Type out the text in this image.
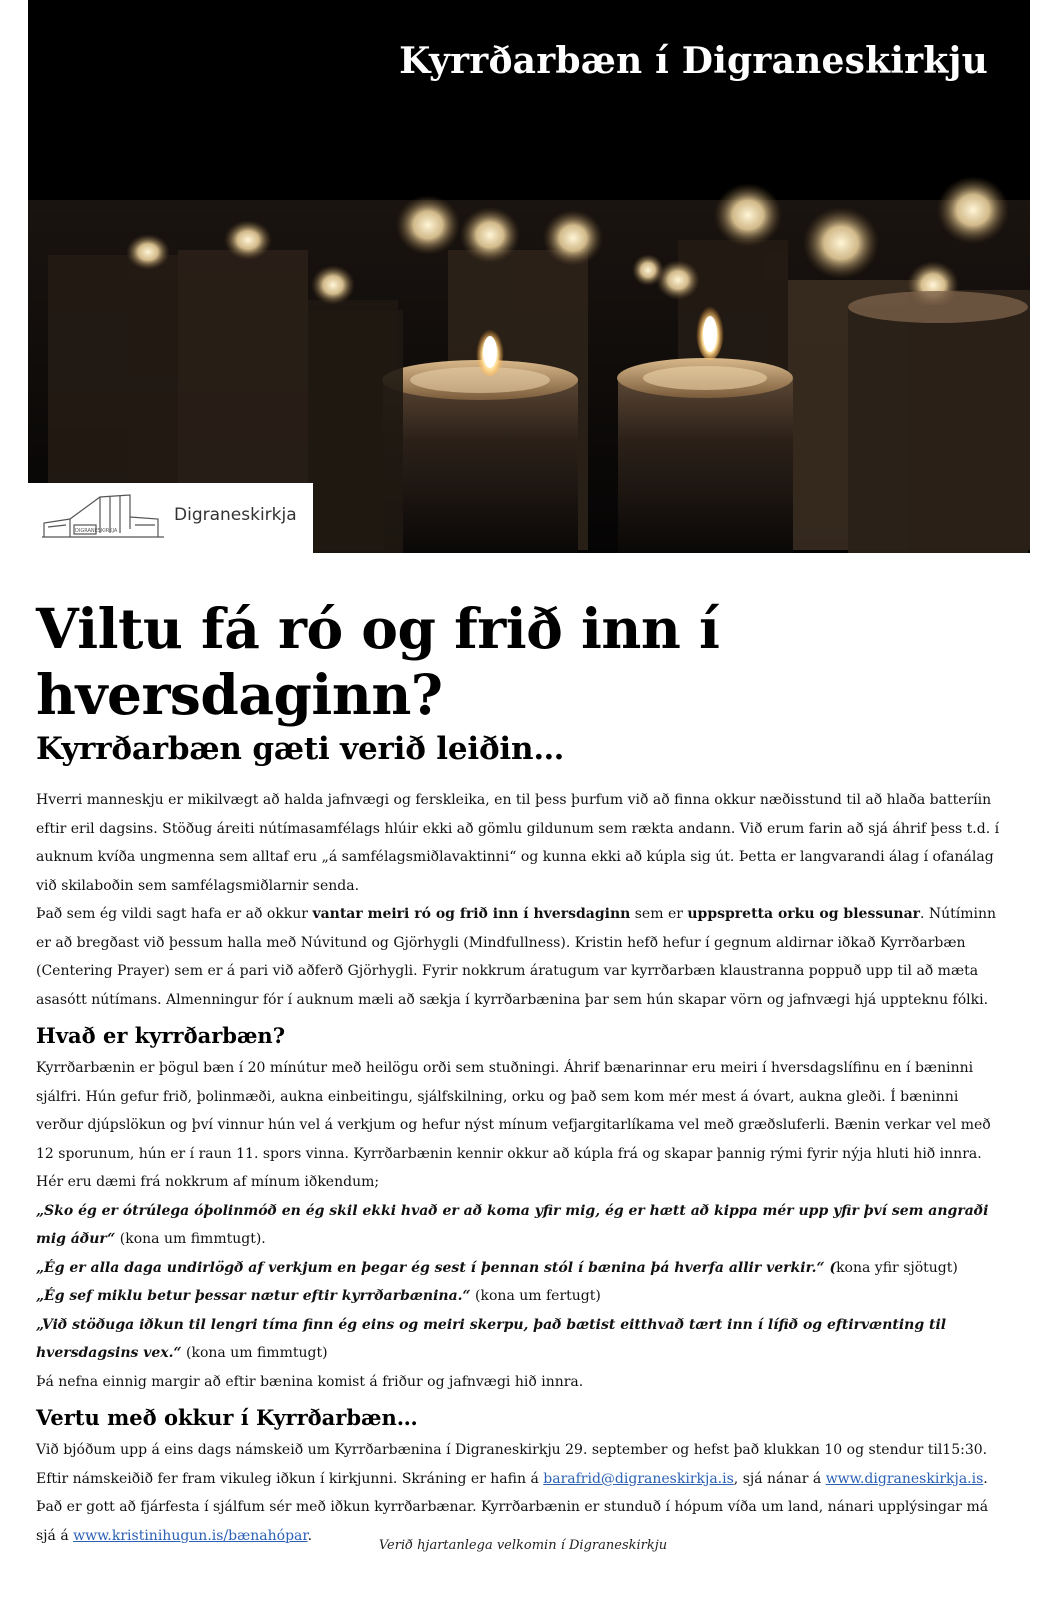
Kyrrðarbæn í Digraneskirkju
DIGRANESKIRKJA
Digraneskirkja
Viltu fá ró og frið inn í hversdaginn?
Kyrrðarbæn gæti verið leiðin…

Hverri manneskju er mikilvægt að halda jafnvægi og ferskleika, en til þess þurfum við að finna okkur næðisstund til að hlaða batteríin eftir eril dagsins. Stöðug áreiti nútímasamfélags hlúir ekki að gömlu gildunum sem rækta andann. Við erum farin að sjá áhrif þess t.d. í auknum kvíða ungmenna sem alltaf eru „á samfélagsmiðlavaktinni“ og kunna ekki að kúpla sig út. Þetta er langvarandi álag í ofanálag við skilaboðin sem samfélagsmiðlarnir senda.

Það sem ég vildi sagt hafa er að okkur vantar meiri ró og frið inn í hversdaginn sem er uppspretta orku og blessunar. Nútíminn er að bregðast við þessum halla með Núvitund og Gjörhygli (Mindfullness). Kristin hefð hefur í gegnum aldirnar iðkað Kyrrðarbæn (Centering Prayer) sem er á pari við aðferð Gjörhygli. Fyrir nokkrum áratugum var kyrrðarbæn klaustranna poppuð upp til að mæta asasótt nútímans. Almenningur fór í auknum mæli að sækja í kyrrðarbænina þar sem hún skapar vörn og jafnvægi hjá uppteknu fólki.

Hvað er kyrrðarbæn?

Kyrrðarbænin er þögul bæn í 20 mínútur með heilögu orði sem stuðningi. Áhrif bænarinnar eru meiri í hversdagslífinu en í bæninni sjálfri. Hún gefur frið, þolinmæði, aukna einbeitingu, sjálfskilning, orku og það sem kom mér mest á óvart, aukna gleði. Í bæninni verður djúpslökun og því vinnur hún vel á verkjum og hefur nýst mínum vefjargitarlíkama vel með græðsluferli. Bænin verkar vel með 12 sporunum, hún er í raun 11. spors vinna. Kyrrðarbænin kennir okkur að kúpla frá og skapar þannig rými fyrir nýja hluti hið innra.

Hér eru dæmi frá nokkrum af mínum iðkendum;

„Sko ég er ótrúlega óþolinmóð en ég skil ekki hvað er að koma yfir mig, ég er hætt að kippa mér upp yfir því sem angraði mig áður“ (kona um fimmtugt).

„Ég er alla daga undirlögð af verkjum en þegar ég sest í þennan stól í bænina þá hverfa allir verkir.“ (kona yfir sjötugt)

„Ég sef miklu betur þessar nætur eftir kyrrðarbænina.“ (kona um fertugt)

„Við stöðuga iðkun til lengri tíma finn ég eins og meiri skerpu, það bætist eitthvað tært inn í lífið og eftirvænting til hversdagsins vex.“ (kona um fimmtugt)

Þá nefna einnig margir að eftir bænina komist á friður og jafnvægi hið innra.

Vertu með okkur í Kyrrðarbæn…

Við bjóðum upp á eins dags námskeið um Kyrrðarbænina í Digraneskirkju 29. september og hefst það klukkan 10 og stendur til15:30. Eftir námskeiðið fer fram vikuleg iðkun í kirkjunni. Skráning er hafin á barafrid@digraneskirkja.is, sjá nánar á www.digraneskirkja.is. Það er gott að fjárfesta í sjálfum sér með iðkun kyrrðarbænar. Kyrrðarbænin er stunduð í hópum víða um land, nánari upplýsingar má sjá á www.kristinihugun.is/bænahópar.

Verið hjartanlega velkomin í Digraneskirkju
